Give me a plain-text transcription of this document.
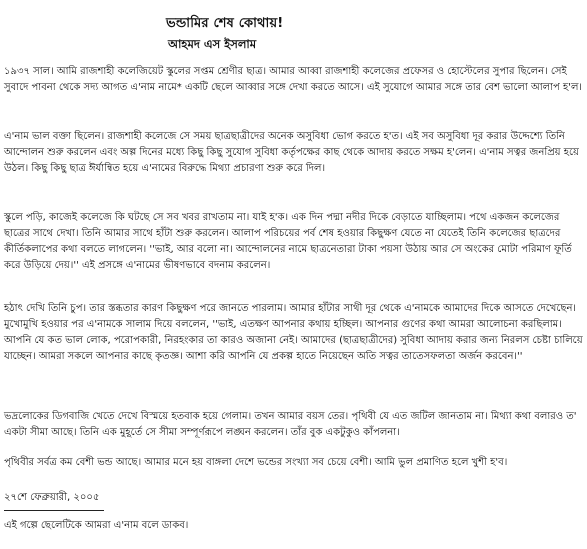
ভন্ডামির শেষ কোথায়!
আহমদ এস ইসলাম

১৯৩৭ সাল। আমি রাজশাহী কলেজিয়েট স্কুলের সপ্তম শ্রেণীর ছাত্র। আমার আব্বা রাজশাহী কলেজের প্রফেসর ও হোস্টেলের সুপার ছিলেন। সেই সুবাদে পাবনা থেকে সদ্য আগত এ'নাম নামে* একটি ছেলে আব্বার সঙ্গে দেখা করতে আসে। এই সুযোগে আমার সঙ্গে তার বেশ ভালো আলাপ হ'ল।

এ'নাম ভাল বক্তা ছিলেন। রাজশাহী কলেজে সে সময় ছাত্রছাত্রীদের অনেক অসুবিধা ভোগ করতে হ'ত। এই সব অসুবিধা দূর করার উদ্দেশ্যে তিনি আন্দোলন শুরু করলেন এবং অল্প দিনের মধ্যে কিছু কিছু সুযোগ সুবিধা কর্তৃপক্ষের কাছ থেকে আদায় করতে সক্ষম হ'লেন। এ'নাম সত্বর জনপ্রিয় হয়ে উঠল। কিছু কিছু ছাত্র ঈর্যান্বিত হয়ে এ'নামের বিরুদ্ধে মিথ্যা প্রচারণা শুরু করে দিল।

স্কুলে পড়ি, কাজেই কলেজে কি ঘটছে সে সব খবর রাখতাম না। যাই হ'ক। এক দিন পদ্মা নদীর দিকে বেড়াতে যাচ্ছিলাম। পথে একজন কলেজের ছাত্রের সাথে দেখা। তিনি আমার সাথে হাঁটা শুরু করলেন। আলাপ পরিচয়ের পর্ব শেষ হওয়ার কিছুক্ষণ যেতে না যেতেই তিনি কলেজের ছাত্রদের কীর্তিকলাপের কথা বলতে লাগলেন। ''ভাই, আর বলো না। আন্দোলনের নামে ছাত্রনেতারা টাকা পয়সা উঠায় আর সে অংকের মোটা পরিমাণ ফূর্তি করে উড়িয়ে দেয়।'' এই প্রসঙ্গে এ'নামের ভীষণভাবে বদনাম করলেন।

হঠাৎ দেখি তিনি চুপ। তার স্তব্ধতার কারণ কিছুক্ষণ পরে জানতে পারলাম। আমার হাঁটার সাথী দূর থেকে এ'নামকে আমাদের দিকে আসতে দেখেছেন। মুখোমুখি হওয়ার পর এ'নামকে সালাম দিয়ে বললেন, ''ভাই, এতক্ষণ আপনার কথায় হচ্ছিল। আপনার গুণের কথা আমরা আলোচনা করছিলাম। আপনি যে কত ভাল লোক, পরোপকারী, নিরহংকার তা কারও অজানা নেই। আমাদের (ছাত্রছাত্রীদের) সুবিধা আদায় করার জন্য নিরলস চেষ্টা চালিয়ে যাচ্ছেন। আমরা সকলে আপনার কাছে কৃতজ্ঞ। আশা করি আপনি যে প্রকল্প হাতে নিয়েছেন অতি সত্বর তাতেসফলতা অর্জন করবেন।''

ভদ্রলোকের ডিগবাজি খেতে দেখে বিস্ময়ে হতবাক হয়ে গেলাম। তখন আমার বয়স তের। পৃথিবী যে এত জটিল জানতাম না। মিথ্যা কথা বলারও ত' একটা সীমা আছে। তিনি এক মুহূর্তে সে সীমা সম্পূর্ণরূপে লঙ্ঘন করলেন। তাঁর বুক একটুকুও কাঁপলনা।

পৃথিবীর সর্বত্র কম বেশী ভন্ড আছে। আমার মনে হয় বাঙ্গলা দেশে ভন্ডের সংখ্যা সব চেয়ে বেশী। আমি ভুল প্রমাণিত হলে খুশী হ'ব।

২৭শে ফেব্রুয়ারী, ২০০৫
এই গল্পে ছেলেটিকে আমরা এ'নাম বলে ডাকব।
